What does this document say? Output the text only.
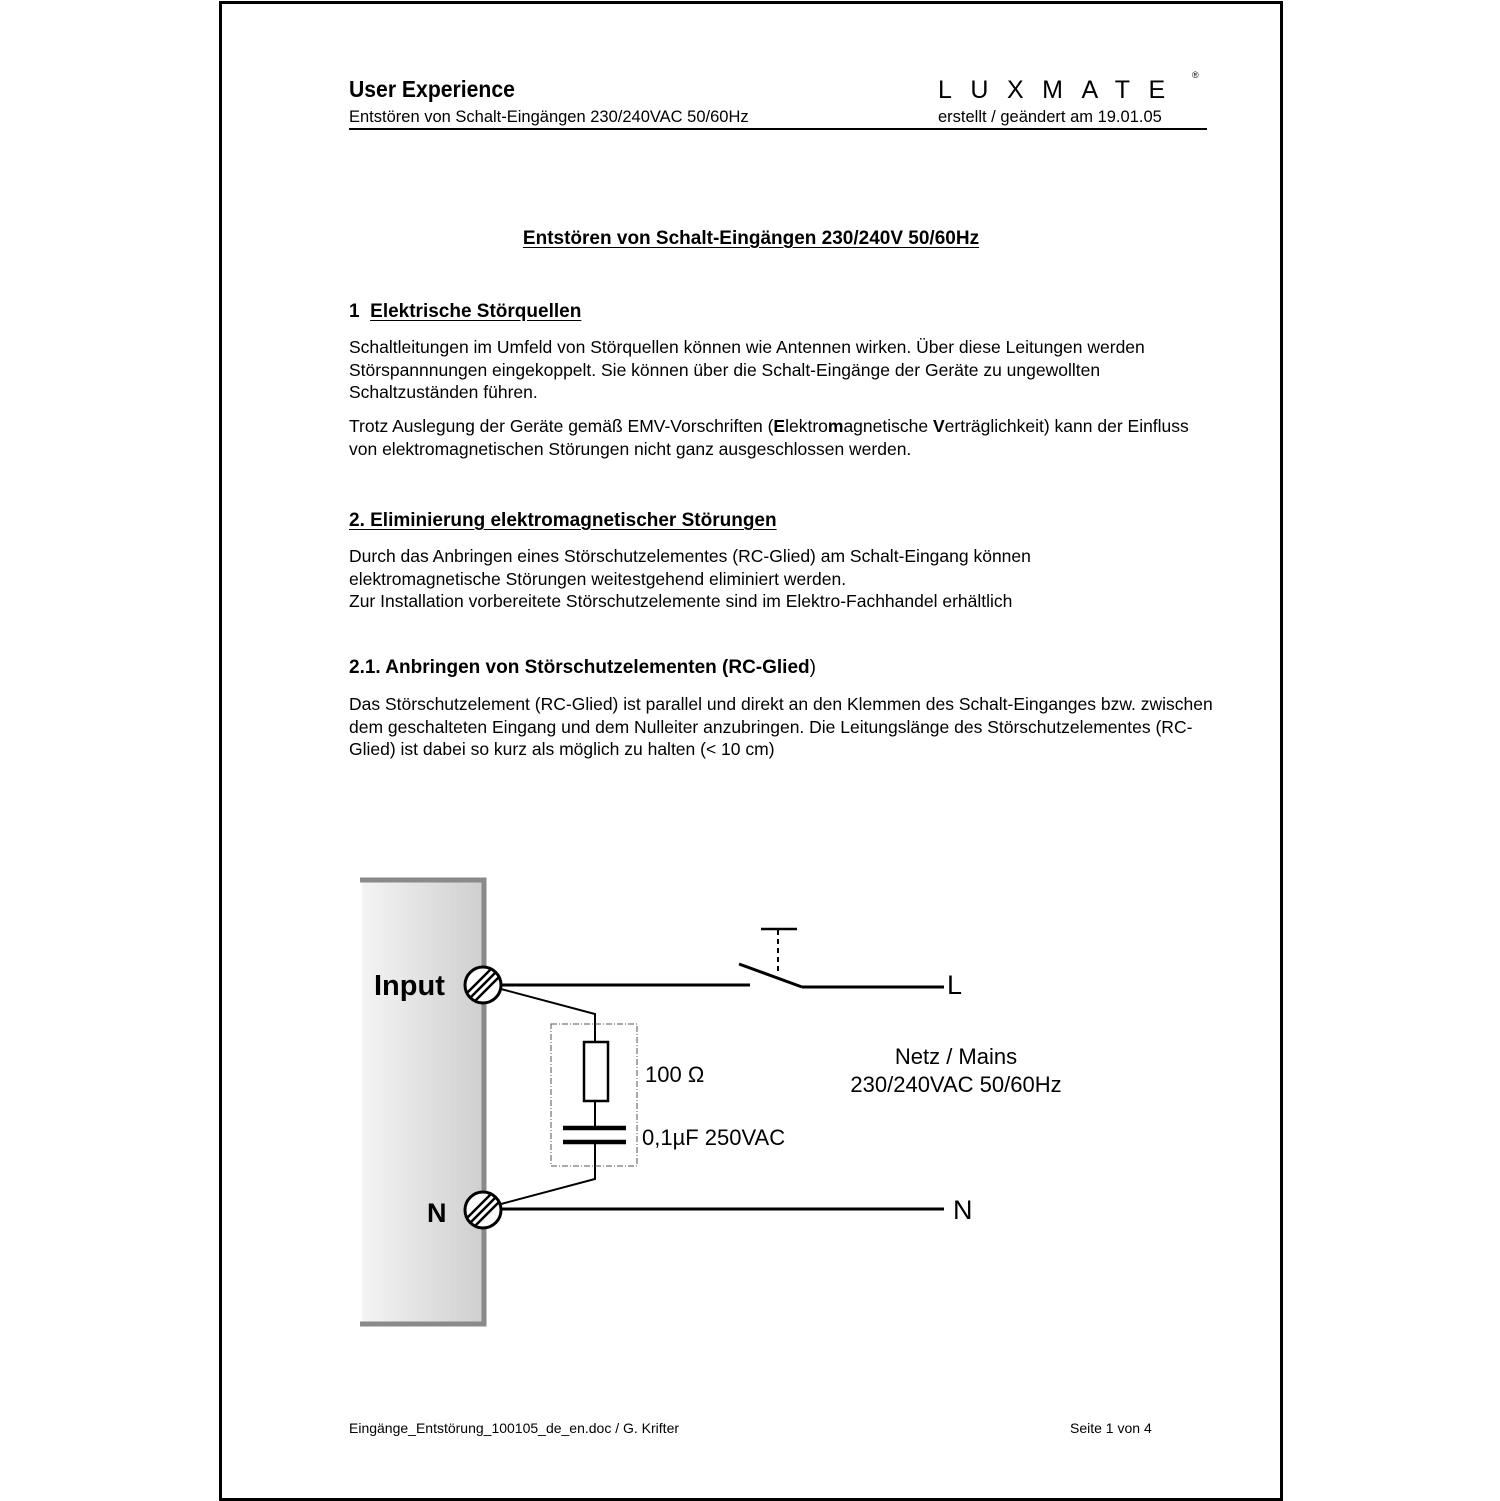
User Experience
Entstören von Schalt-Eingängen 230/240VAC 50/60Hz
LUXMATE
®
erstellt / geändert am 19.01.05
Entstören von Schalt-Eingängen 230/240V 50/60Hz
1 Elektrische Störquellen
Schaltleitungen im Umfeld von Störquellen können wie Antennen wirken. Über diese Leitungen werden Störspannnungen eingekoppelt. Sie können über die Schalt-Eingänge der Geräte zu ungewollten Schaltzuständen führen.
Trotz Auslegung der Geräte gemäß EMV-Vorschriften (Elektromagnetische Verträglichkeit) kann der Einfluss von elektromagnetischen Störungen nicht ganz ausgeschlossen werden.
2. Eliminierung elektromagnetischer Störungen
Durch das Anbringen eines Störschutzelementes (RC-Glied) am Schalt-Eingang können
elektromagnetische Störungen weitestgehend eliminiert werden.
Zur Installation vorbereitete Störschutzelemente sind im Elektro-Fachhandel erhältlich
2.1. Anbringen von Störschutzelementen (RC-Glied)
Das Störschutzelement (RC-Glied) ist parallel und direkt an den Klemmen des Schalt-Einganges bzw. zwischen dem geschalteten Eingang und dem Nulleiter anzubringen. Die Leitungslänge des Störschutzelementes (RC-Glied) ist dabei so kurz als möglich zu halten (< 10 cm)
Input
N
L
N
100 Ω
0,1µF 250VAC
Netz / Mains
230/240VAC 50/60Hz
Eingänge_Entstörung_100105_de_en.doc / G. Krifter	Seite 1 von 4
